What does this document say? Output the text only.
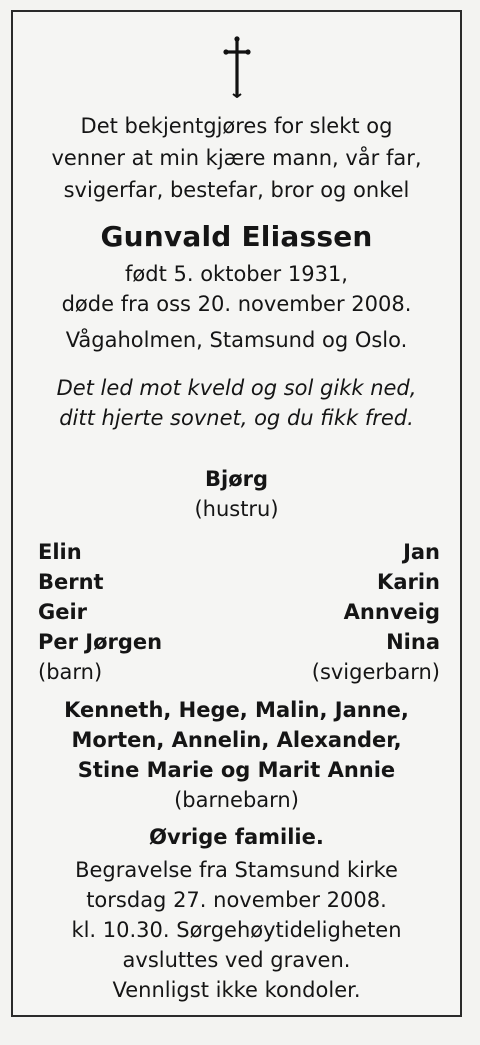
Det bekjentgjøres for slekt og
venner at min kjære mann, vår far,
svigerfar, bestefar, bror og onkel
Gunvald Eliassen
født 5. oktober 1931,
døde fra oss 20. november 2008.
Vågaholmen, Stamsund og Oslo.
Det led mot kveld og sol gikk ned,
ditt hjerte sovnet, og du fikk fred.
Bjørg
(hustru)
Elin
Bernt
Geir
Per Jørgen
(barn)
Jan
Karin
Annveig
Nina
(svigerbarn)
Kenneth, Hege, Malin, Janne,
Morten, Annelin, Alexander,
Stine Marie og Marit Annie
(barnebarn)
Øvrige familie.
Begravelse fra Stamsund kirke
torsdag 27. november 2008.
kl. 10.30. Sørgehøytideligheten
avsluttes ved graven.
Vennligst ikke kondoler.
